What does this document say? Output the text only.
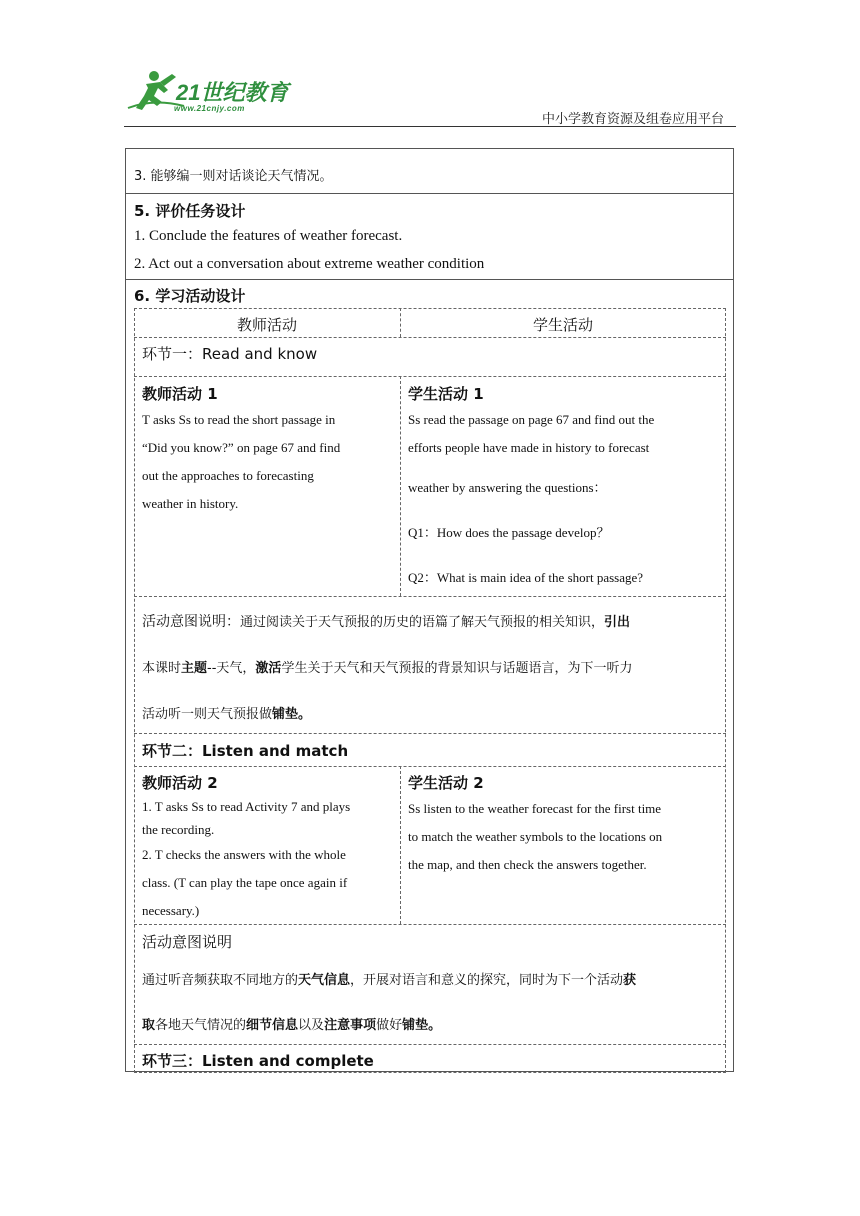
21世纪教育
www.21cnjy.com
中小学教育资源及组卷应用平台
3. 能够编一则对话谈论天气情况。
5. 评价任务设计
1. Conclude the features of weather forecast.
2. Act out a conversation about extreme weather condition
6. 学习活动设计
教师活动	学生活动
环节一：Read and know
教师活动 1
T asks Ss to read the short passage in
“Did you know?” on page 67 and find
out the approaches to forecasting
weather in history.
学生活动 1
Ss read the passage on page 67 and find out the
efforts people have made in history to forecast
weather by answering the questions：
Q1：How does the passage develop？
Q2：What is main idea of the short passage?
活动意图说明：通过阅读关于天气预报的历史的语篇了解天气预报的相关知识，引出
本课时主题--天气，激活学生关于天气和天气预报的背景知识与话题语言，为下一听力
活动听一则天气预报做铺垫。
环节二：Listen and match
教师活动 2
1. T asks Ss to read Activity 7 and plays
the recording.
2. T checks the answers with the whole
class. (T can play the tape once again if
necessary.)
学生活动 2
Ss listen to the weather forecast for the first time
to match the weather symbols to the locations on
the map, and then check the answers together.
活动意图说明
通过听音频获取不同地方的天气信息，开展对语言和意义的探究，同时为下一个活动获
取各地天气情况的细节信息以及注意事项做好铺垫。
环节三：Listen and complete
